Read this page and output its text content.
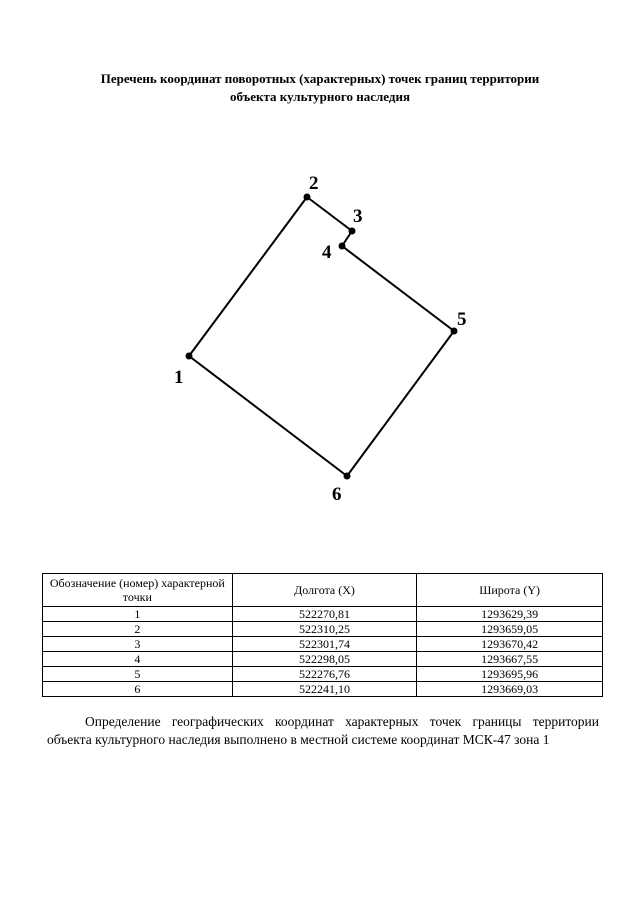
Перечень координат поворотных (характерных) точек границ территории
объекта культурного наследия
1
2
3
4
5
6
Обозначение (номер) характерной точки	Долгота (X)	Широта (Y)
1	522270,81	1293629,39
2	522310,25	1293659,05
3	522301,74	1293670,42
4	522298,05	1293667,55
5	522276,76	1293695,96
6	522241,10	1293669,03
Определение географических координат характерных точек границы территории объекта культурного наследия выполнено в местной системе координат МСК-47 зона 1
